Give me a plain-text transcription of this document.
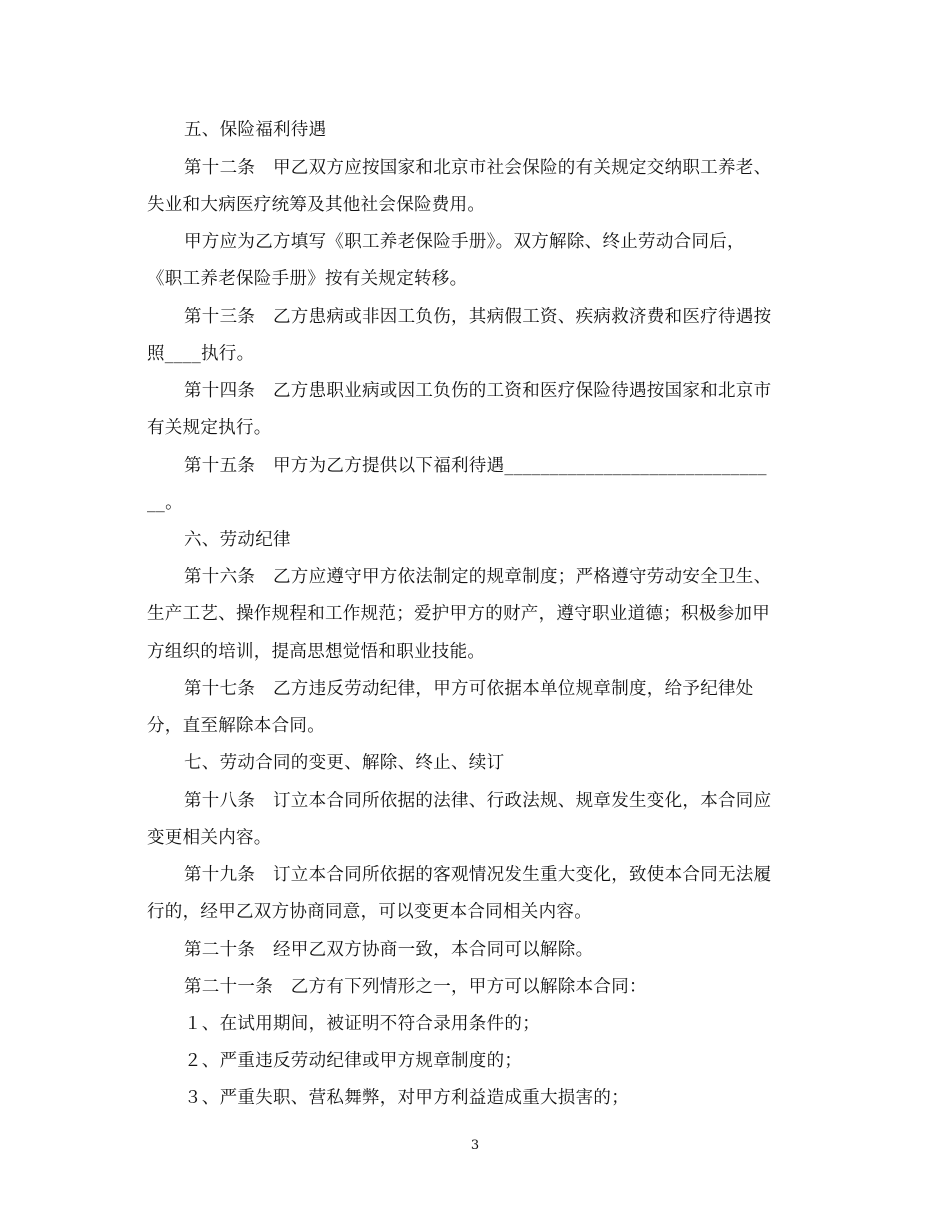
五、保险福利待遇
第十二条　甲乙双方应按国家和北京市社会保险的有关规定交纳职工养老、
失业和大病医疗统筹及其他社会保险费用。
甲方应为乙方填写《职工养老保险手册》。双方解除、终止劳动合同后，
《职工养老保险手册》按有关规定转移。
第十三条　乙方患病或非因工负伤，其病假工资、疾病救济费和医疗待遇按
照____执行。
第十四条　乙方患职业病或因工负伤的工资和医疗保险待遇按国家和北京市
有关规定执行。
第十五条　甲方为乙方提供以下福利待遇_____________________________
__。
六、劳动纪律
第十六条　乙方应遵守甲方依法制定的规章制度；严格遵守劳动安全卫生、
生产工艺、操作规程和工作规范；爱护甲方的财产，遵守职业道德；积极参加甲
方组织的培训，提高思想觉悟和职业技能。
第十七条　乙方违反劳动纪律，甲方可依据本单位规章制度，给予纪律处
分，直至解除本合同。
七、劳动合同的变更、解除、终止、续订
第十八条　订立本合同所依据的法律、行政法规、规章发生变化，本合同应
变更相关内容。
第十九条　订立本合同所依据的客观情况发生重大变化，致使本合同无法履
行的，经甲乙双方协商同意，可以变更本合同相关内容。
第二十条　经甲乙双方协商一致，本合同可以解除。
第二十一条　乙方有下列情形之一，甲方可以解除本合同：
１、在试用期间，被证明不符合录用条件的；
２、严重违反劳动纪律或甲方规章制度的；
３、严重失职、营私舞弊，对甲方利益造成重大损害的；
3
